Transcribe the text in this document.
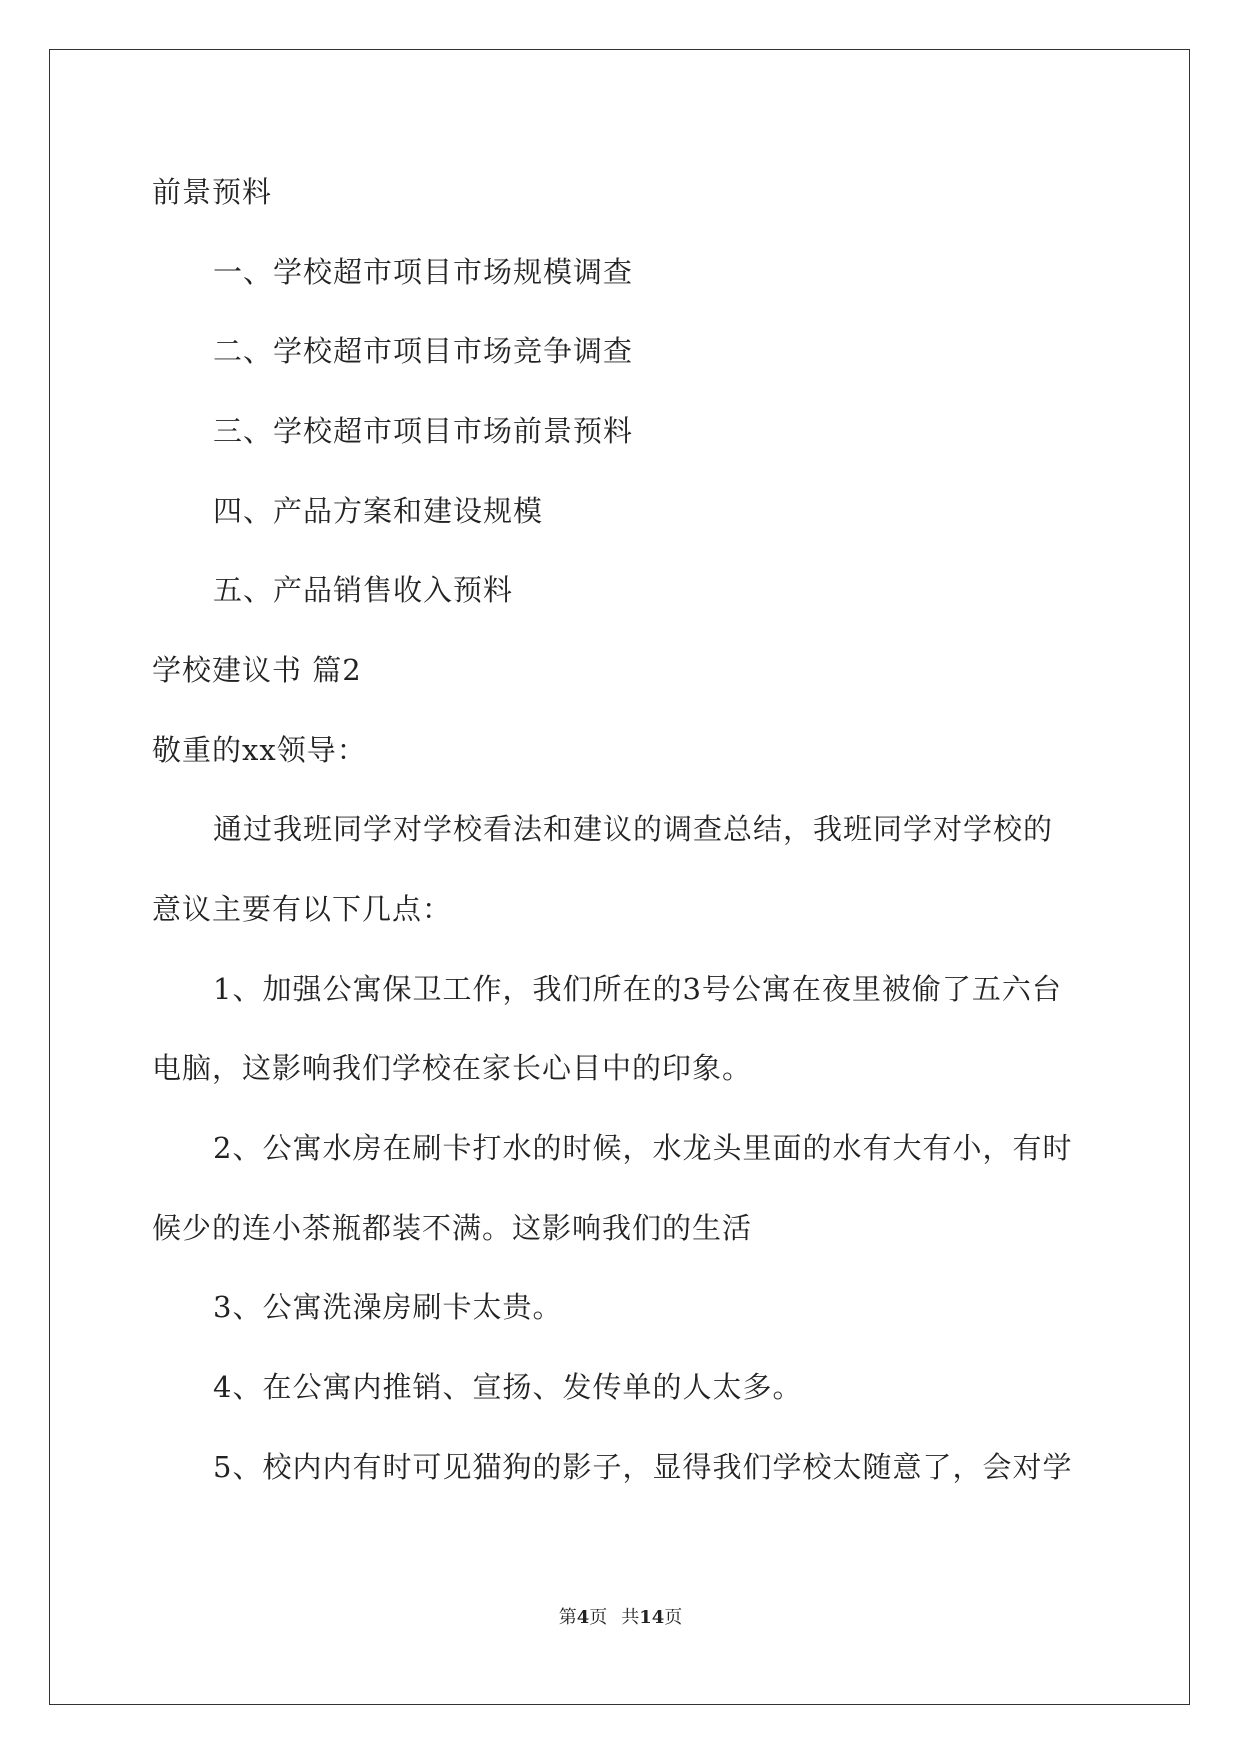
前景预料
一、学校超市项目市场规模调查
二、学校超市项目市场竞争调查
三、学校超市项目市场前景预料
四、产品方案和建设规模
五、产品销售收入预料
学校建议书 篇2
敬重的xx领导：
通过我班同学对学校看法和建议的调查总结，我班同学对学校的
意议主要有以下几点：
1、加强公寓保卫工作，我们所在的3号公寓在夜里被偷了五六台
电脑，这影响我们学校在家长心目中的印象。
2、公寓水房在刷卡打水的时候，水龙头里面的水有大有小，有时
候少的连小茶瓶都装不满。这影响我们的生活
3、公寓洗澡房刷卡太贵。
4、在公寓内推销、宣扬、发传单的人太多。
5、校内内有时可见猫狗的影子，显得我们学校太随意了，会对学
第4页 共14页
